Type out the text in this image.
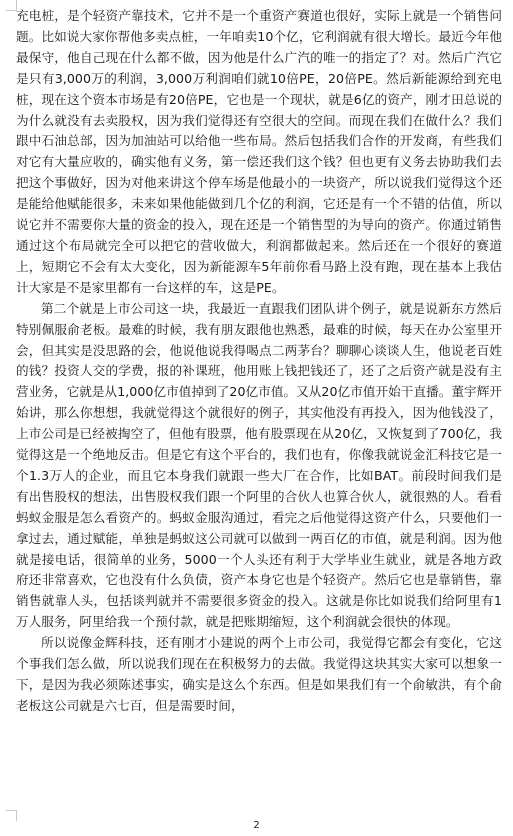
充电桩，是个轻资产靠技术，它并不是一个重资产赛道也很好，实际上就是一个销售问题。比如说大家你帮他多卖点桩，一年咱卖10个亿，它利润就有很大增长。最近今年他最保守，他自己现在什么都不做，因为他是什么广汽的唯一的指定了？对。然后广汽它是只有3,000万的利润，3,000万利润咱们就10倍PE，20倍PE。然后新能源给到充电桩，现在这个资本市场是有20倍PE，它也是一个现状，就是6亿的资产，刚才田总说的为什么就没有去卖股权，因为我们觉得还有空很大的空间。而现在我们在做什么？我们跟中石油总部，因为加油站可以给他一些布局。然后包括我们合作的开发商，有些我们对它有大量应收的，确实他有义务，第一偿还我们这个钱？但也更有义务去协助我们去把这个事做好，因为对他来讲这个停车场是他最小的一块资产，所以说我们觉得这个还是能给他赋能很多，未来如果他能做到几个亿的利润，它还是有一个不错的估值，所以说它并不需要你大量的资金的投入，现在还是一个销售型的为导向的资产。你通过销售通过这个布局就完全可以把它的营收做大，利润都做起来。然后还在一个很好的赛道上，短期它不会有太大变化，因为新能源车5年前你看马路上没有跑，现在基本上我估计大家是不是家里都有一台这样的车，这是PE。

第二个就是上市公司这一块，我最近一直跟我们团队讲个例子，就是说新东方然后特别佩服俞老板。最难的时候，我有朋友跟他也熟悉，最难的时候，每天在办公室里开会，但其实是没思路的会，他说他说我得喝点二两茅台？聊聊心谈谈人生，他说老百姓的钱？投资人交的学费，报的补课班，他用账上钱把钱还了，还了之后资产就是没有主营业务，它就是从1,000亿市值掉到了20亿市值。又从20亿市值开始干直播。董宇辉开始讲，那么你想想，我就觉得这个就很好的例子，其实他没有再投入，因为他钱没了，上市公司是已经被掏空了，但他有股票，他有股票现在从20亿，又恢复到了700亿，我觉得这是一个绝地反击。但是它有这个平台的，我们也有，你像我就说金汇科技它是一个1.3万人的企业，而且它本身我们就跟一些大厂在合作，比如BAT。前段时间我们是有出售股权的想法，出售股权我们跟一个阿里的合伙人也算合伙人，就很熟的人。看看蚂蚁金服是怎么看资产的。蚂蚁金服沟通过，看完之后他觉得这资产什么，只要他们一拿过去，通过赋能，单独是蚂蚁这公司就可以做到一两百亿的市值，就是利润。因为他就是接电话，很简单的业务，5000一个人头还有利于大学毕业生就业，就是各地方政府还非常喜欢，它也没有什么负债，资产本身它也是个轻资产。然后它也是靠销售，靠销售就靠人头，包括谈判就并不需要很多资金的投入。这就是你比如说我们给阿里有1万人服务，阿里给我一个预付款，就是把账期缩短，这个利润就会很快的体现。

所以说像金辉科技，还有刚才小建说的两个上市公司，我觉得它都会有变化，它这个事我们怎么做，所以说我们现在在积极努力的去做。我觉得这块其实大家可以想象一下，是因为我必须陈述事实，确实是这么个东西。但是如果我们有一个俞敏洪，有个俞老板这公司就是六七百，但是需要时间，

2
